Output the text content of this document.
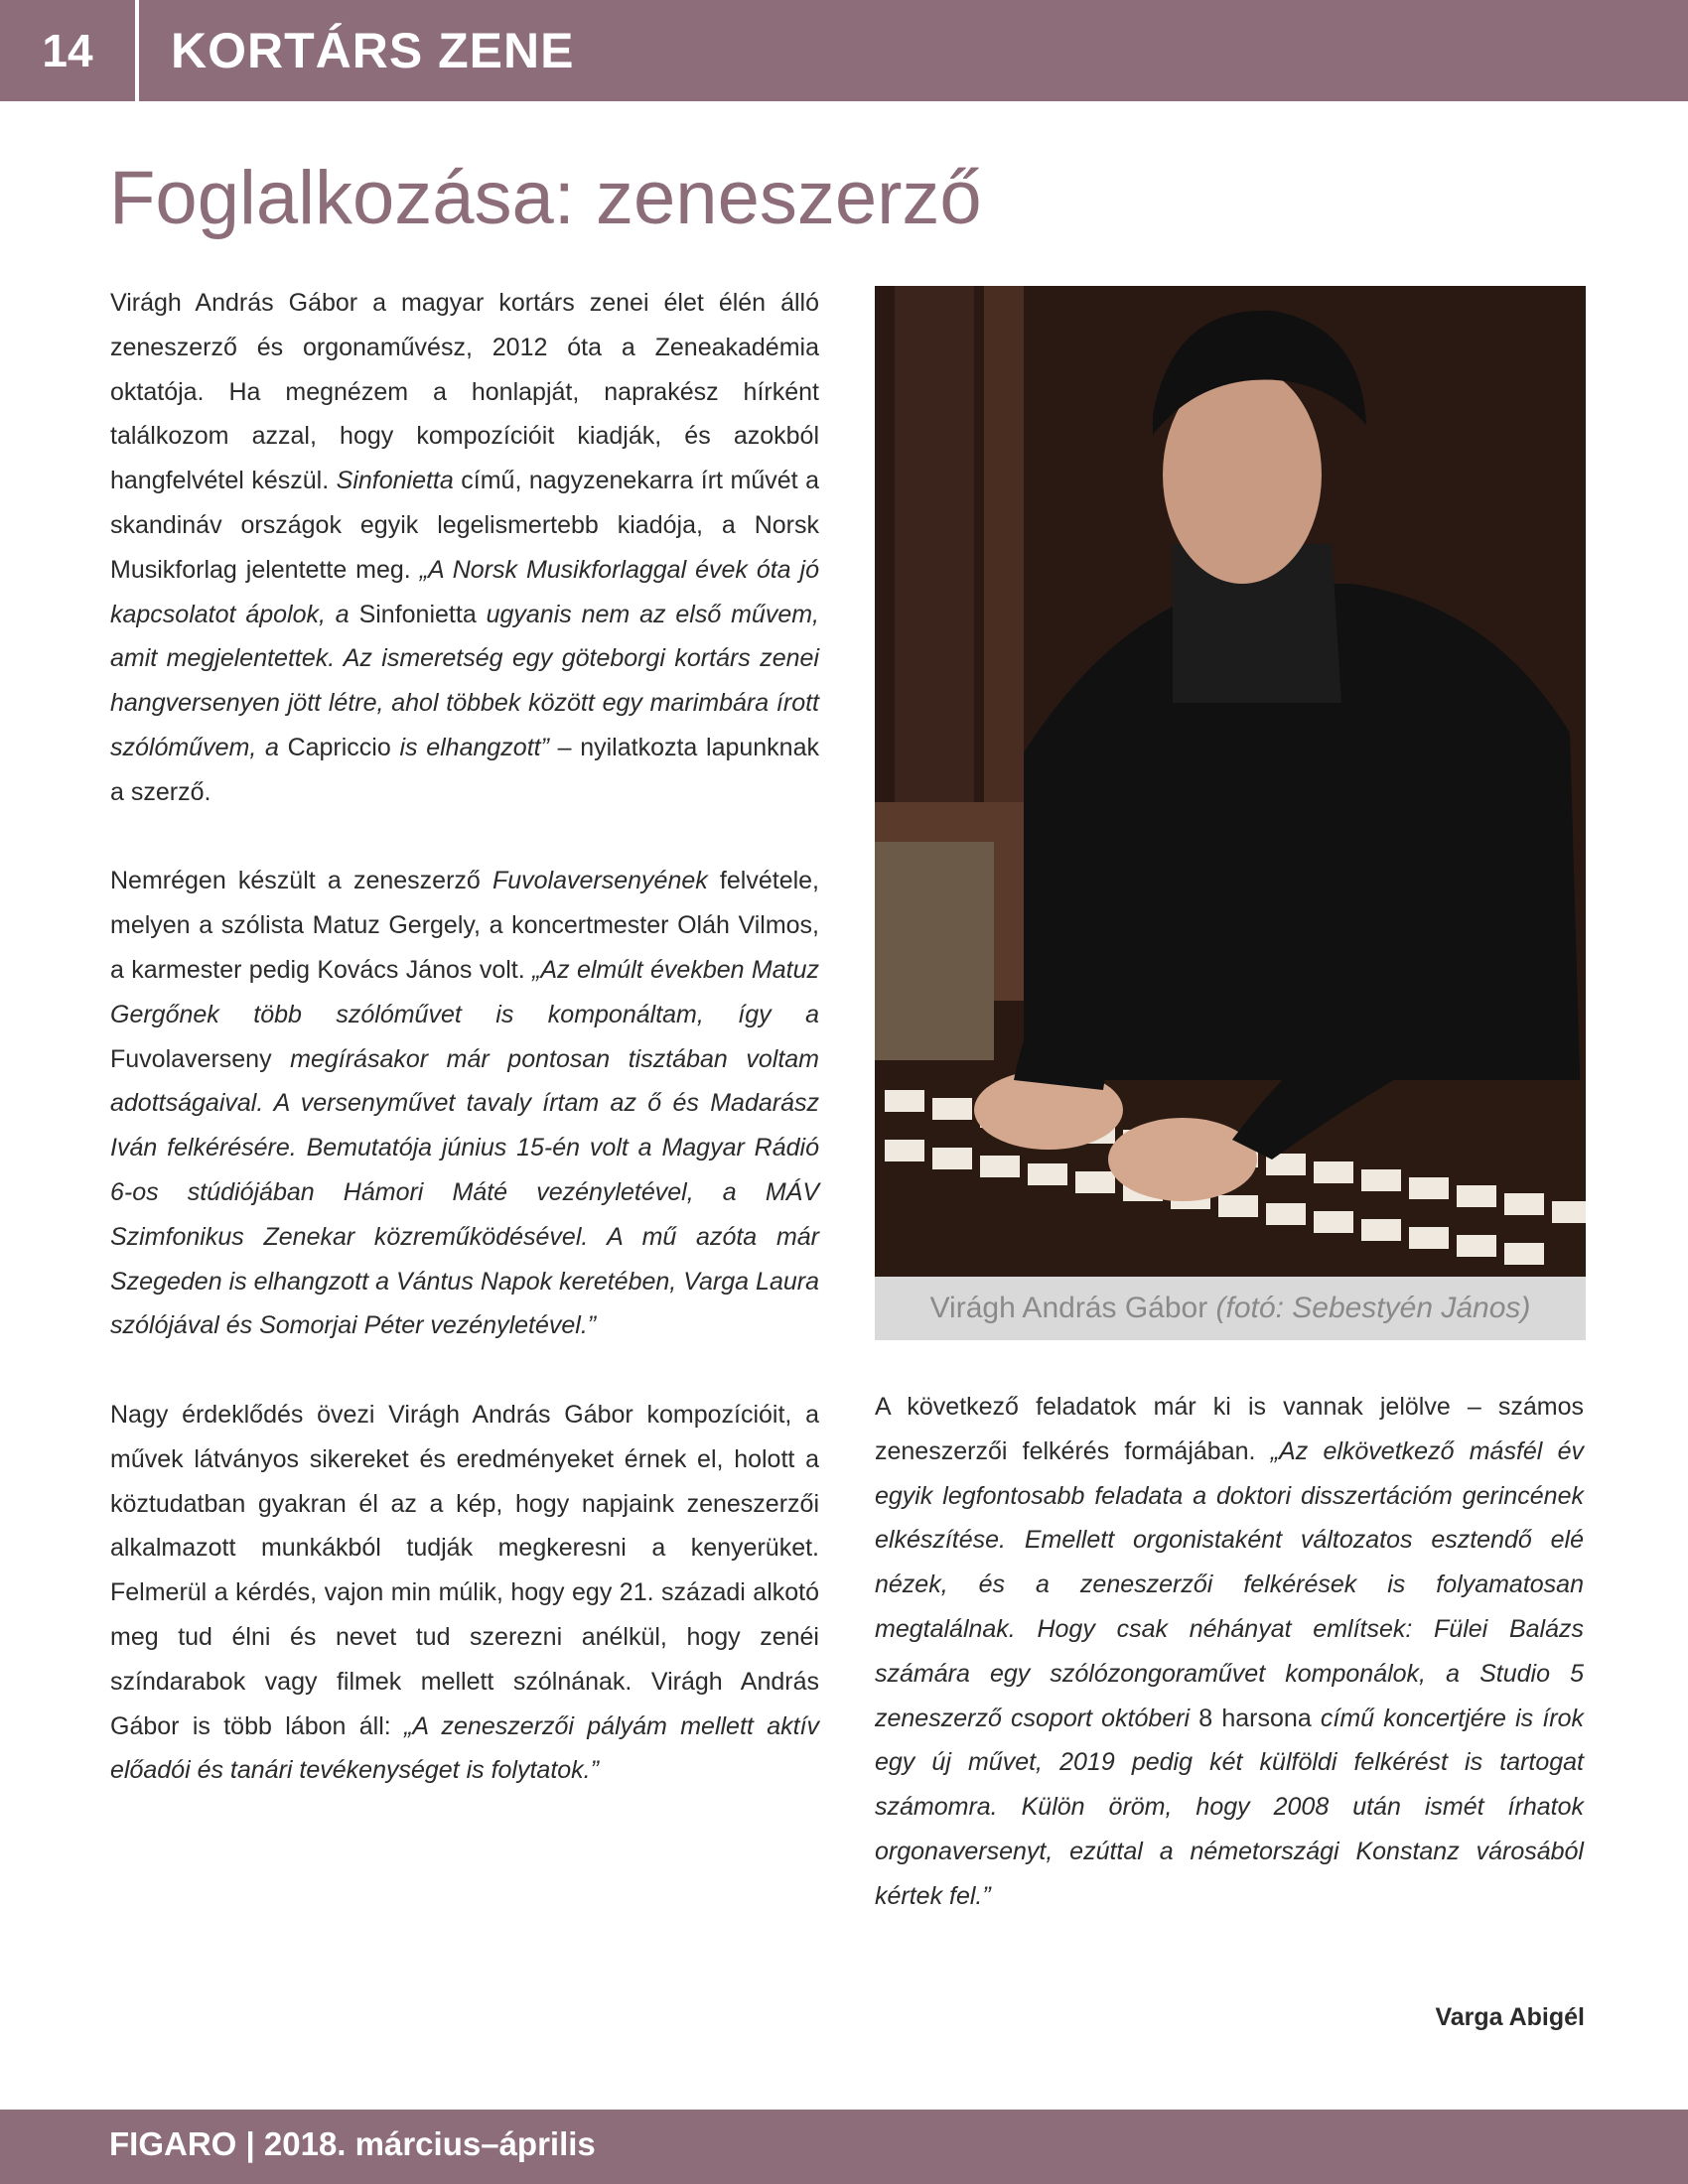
14	KORTÁRS ZENE
Foglalkozása: zeneszerző

Virágh András Gábor a magyar kortárs zenei élet élén álló zeneszerző és orgonaművész, 2012 óta a Zeneakadémia oktatója. Ha megnézem a honlapját, naprakész hírként találkozom azzal, hogy kompozícióit kiadják, és azokból hangfelvétel készül. Sinfonietta című, nagyzenekarra írt művét a skandináv országok egyik legelismertebb kiadója, a Norsk Musikforlag jelentette meg. „A Norsk Musikforlaggal évek óta jó kapcsolatot ápolok, a Sinfonietta ugyanis nem az első művem, amit megjelentettek. Az ismeretség egy göteborgi kortárs zenei hangversenyen jött létre, ahol többek között egy marimbára írott szólóművem, a Capriccio is elhangzott” – nyilatkozta lapunknak a szerző.

Nemrégen készült a zeneszerző Fuvolaversenyének felvétele, melyen a szólista Matuz Gergely, a koncertmester Oláh Vilmos, a karmester pedig Kovács János volt. „Az elmúlt években Matuz Gergőnek több szólóművet is komponáltam, így a Fuvolaverseny megírásakor már pontosan tisztában voltam adottságaival. A versenyművet tavaly írtam az ő és Madarász Iván felkérésére. Bemutatója június 15-én volt a Magyar Rádió 6-os stúdiójában Hámori Máté vezényletével, a MÁV Szimfonikus Zenekar közreműködésével. A mű azóta már Szegeden is elhangzott a Vántus Napok keretében, Varga Laura szólójával és Somorjai Péter vezényletével.”

Nagy érdeklődés övezi Virágh András Gábor kompozícióit, a művek látványos sikereket és eredményeket érnek el, holott a köztudatban gyakran él az a kép, hogy napjaink zeneszerzői alkalmazott munkákból tudják megkeresni a kenyerüket. Felmerül a kérdés, vajon min múlik, hogy egy 21. századi alkotó meg tud élni és nevet tud szerezni anélkül, hogy zenéi színdarabok vagy filmek mellett szólnának. Virágh András Gábor is több lábon áll: „A zeneszerzői pályám mellett aktív előadói és tanári tevékenységet is folytatok.”

Virágh András Gábor (fotó: Sebestyén János)

A következő feladatok már ki is vannak jelölve – számos zeneszerzői felkérés formájában. „Az elkövetkező másfél év egyik legfontosabb feladata a doktori disszertációm gerincének elkészítése. Emellett orgonistaként változatos esztendő elé nézek, és a zeneszerzői felkérések is folyamatosan megtalálnak. Hogy csak néhányat említsek: Fülei Balázs számára egy szólózongoraművet komponálok, a Studio 5 zeneszerző csoport októberi 8 harsona című koncertjére is írok egy új művet, 2019 pedig két külföldi felkérést is tartogat számomra. Külön öröm, hogy 2008 után ismét írhatok orgonaversenyt, ezúttal a németországi Konstanz városából kértek fel.”

Varga Abigél
FIGARO | 2018. március–április
